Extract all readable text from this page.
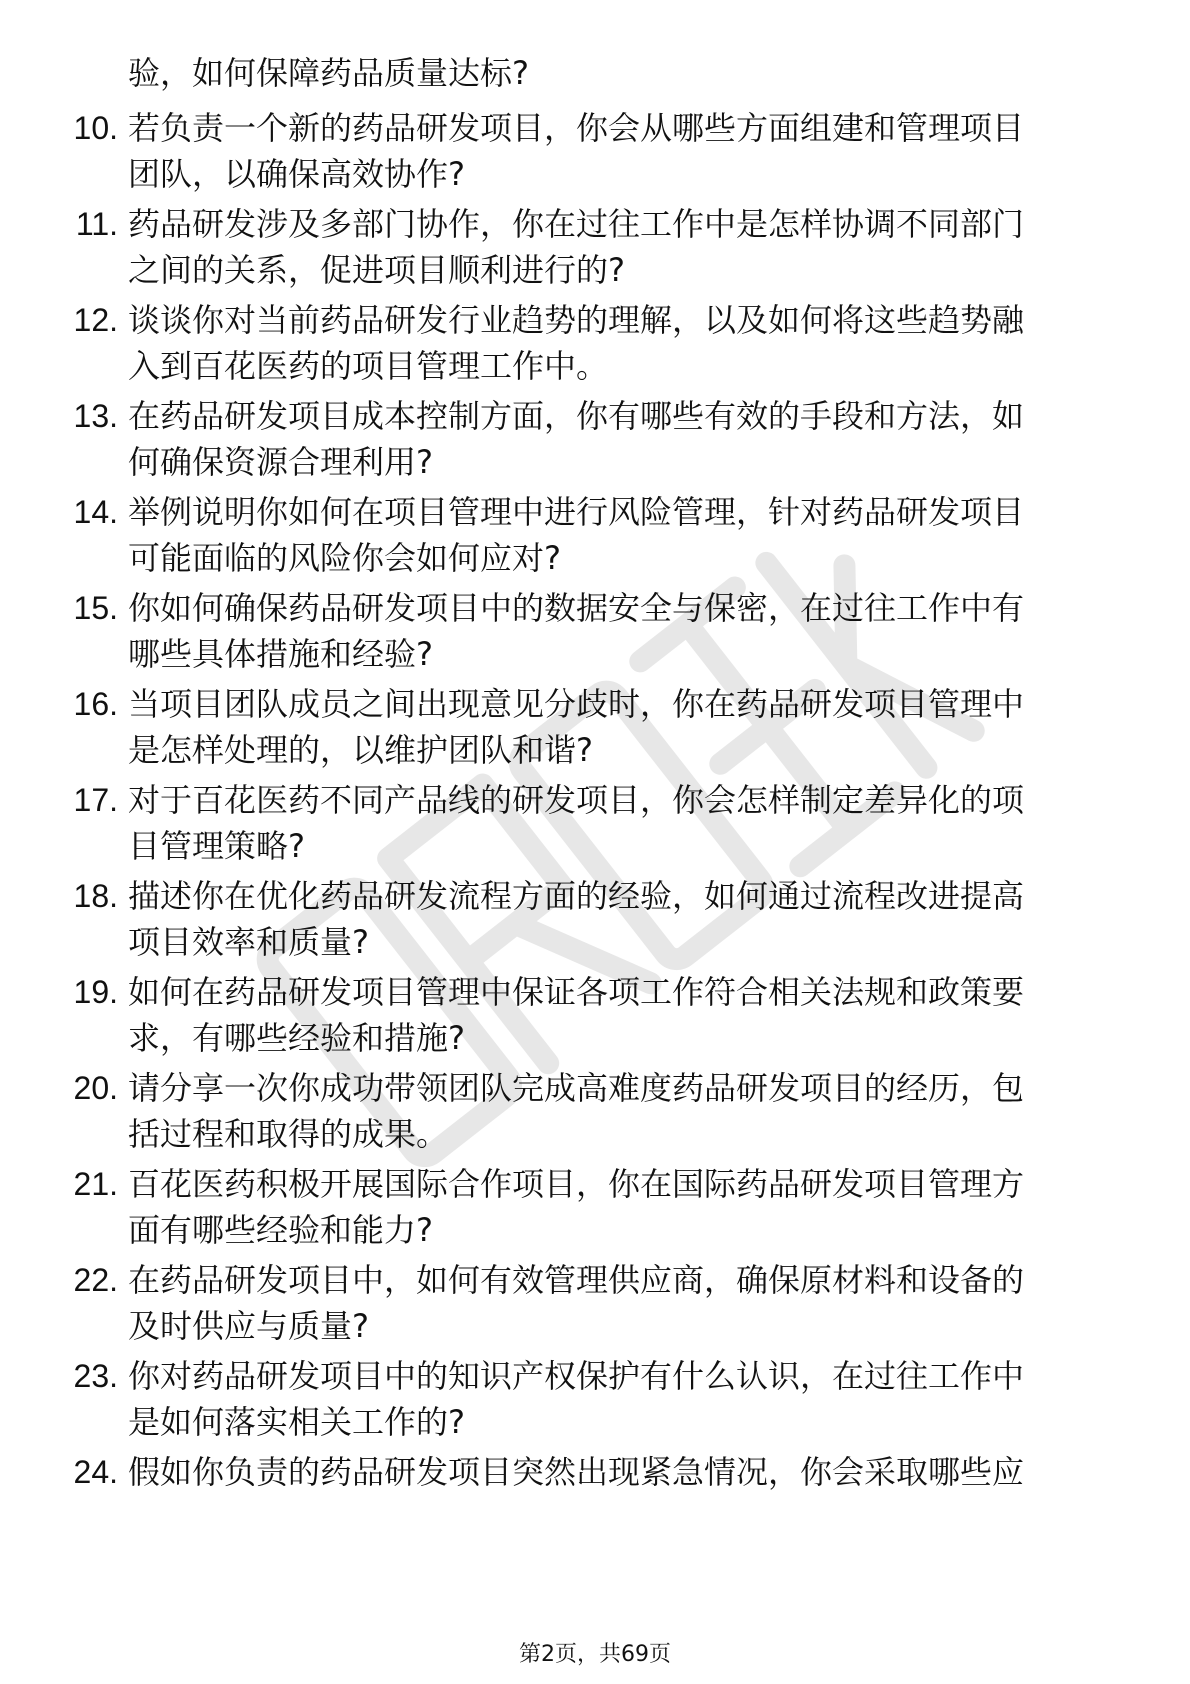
验，如何保障药品质量达标?
10. 若负责一个新的药品研发项目，你会从哪些方面组建和管理项目
团队，以确保高效协作?
11. 药品研发涉及多部门协作，你在过往工作中是怎样协调不同部门
之间的关系，促进项目顺利进行的?
12. 谈谈你对当前药品研发行业趋势的理解，以及如何将这些趋势融
入到百花医药的项目管理工作中。
13. 在药品研发项目成本控制方面，你有哪些有效的手段和方法，如
何确保资源合理利用?
14. 举例说明你如何在项目管理中进行风险管理，针对药品研发项目
可能面临的风险你会如何应对?
15. 你如何确保药品研发项目中的数据安全与保密，在过往工作中有
哪些具体措施和经验?
16. 当项目团队成员之间出现意见分歧时，你在药品研发项目管理中
是怎样处理的，以维护团队和谐?
17. 对于百花医药不同产品线的研发项目，你会怎样制定差异化的项
目管理策略?
18. 描述你在优化药品研发流程方面的经验，如何通过流程改进提高
项目效率和质量?
19. 如何在药品研发项目管理中保证各项工作符合相关法规和政策要
求，有哪些经验和措施?
20. 请分享一次你成功带领团队完成高难度药品研发项目的经历，包
括过程和取得的成果。
21. 百花医药积极开展国际合作项目，你在国际药品研发项目管理方
面有哪些经验和能力?
22. 在药品研发项目中，如何有效管理供应商，确保原材料和设备的
及时供应与质量?
23. 你对药品研发项目中的知识产权保护有什么认识，在过往工作中
是如何落实相关工作的?
24. 假如你负责的药品研发项目突然出现紧急情况，你会采取哪些应
第2页，共69页
